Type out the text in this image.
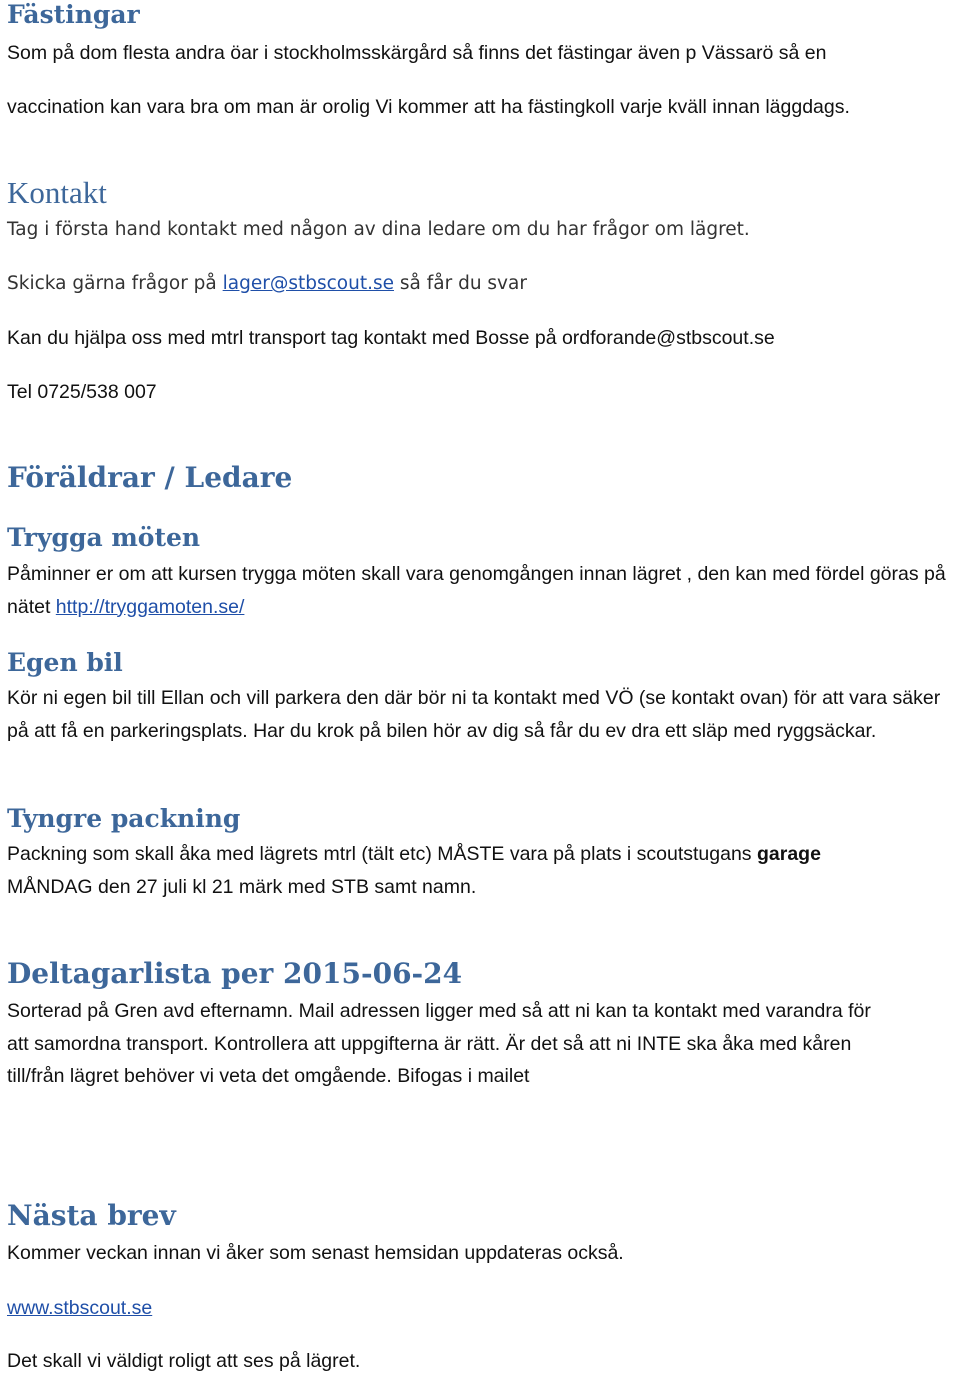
Fästingar
Som på dom flesta andra öar i stockholmsskärgård så finns det fästingar även p Vässarö så en
vaccination kan vara bra om man är orolig Vi kommer att ha fästingkoll varje kväll innan läggdags.
Kontakt
Tag i första hand kontakt med någon av dina ledare om du har frågor om lägret.
Skicka gärna frågor på lager@stbscout.se så får du svar
Kan du hjälpa oss med mtrl transport tag kontakt med Bosse på ordforande@stbscout.se
Tel 0725/538 007
Föräldrar / Ledare
Trygga möten
Påminner er om att kursen trygga möten skall vara genomgången innan lägret , den kan med fördel göras på nätet http://tryggamoten.se/
Egen bil
Kör ni egen bil till Ellan och vill parkera den där bör ni ta kontakt med VÖ (se kontakt ovan) för att vara säker på att få en parkeringsplats. Har du krok på bilen hör av dig så får du ev dra ett släp med ryggsäckar.
Tyngre packning
Packning som skall åka med lägrets mtrl (tält etc) MÅSTE vara på plats i scoutstugans garage
MÅNDAG den 27 juli kl 21 märk med STB samt namn.
Deltagarlista per 2015-06-24
Sorterad på Gren avd efternamn. Mail adressen ligger med så att ni kan ta kontakt med varandra för
att samordna transport. Kontrollera att uppgifterna är rätt. Är det så att ni INTE ska åka med kåren
till/från lägret behöver vi veta det omgående. Bifogas i mailet
Nästa brev
Kommer veckan innan vi åker som senast hemsidan uppdateras också.
www.stbscout.se
Det skall vi väldigt roligt att ses på lägret.
